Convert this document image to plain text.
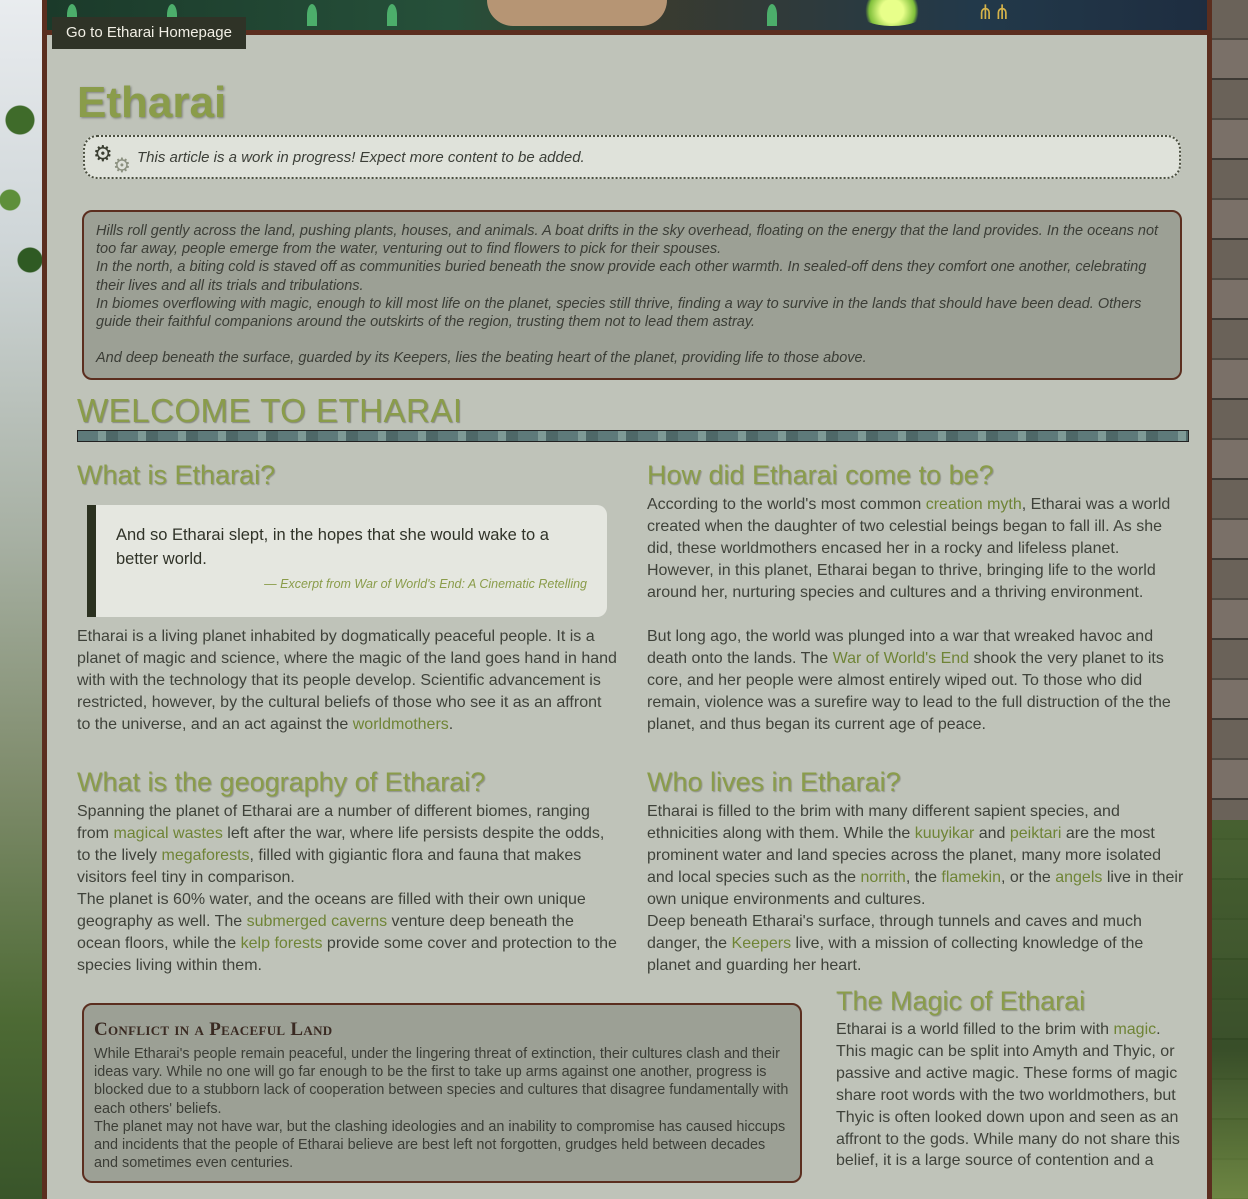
⋔⋔
Go to Etharai Homepage
Etharai
⚙ ⚙ This article is a work in progress! Expect more content to be added.

Hills roll gently across the land, pushing plants, houses, and animals. A boat drifts in the sky overhead, floating on the energy that the land provides. In the oceans not too far away, people emerge from the water, venturing out to find flowers to pick for their spouses.

In the north, a biting cold is staved off as communities buried beneath the snow provide each other warmth. In sealed-off dens they comfort one another, celebrating their lives and all its trials and tribulations.

In biomes overflowing with magic, enough to kill most life on the planet, species still thrive, finding a way to survive in the lands that should have been dead. Others guide their faithful companions around the outskirts of the region, trusting them not to lead them astray.

And deep beneath the surface, guarded by its Keepers, lies the beating heart of the planet, providing life to those above.

WELCOME TO ETHARAI
What is Etharai?

And so Etharai slept, in the hopes that she would wake to a better world.

— Excerpt from War of World's End: A Cinematic Retelling

Etharai is a living planet inhabited by dogmatically peaceful people. It is a planet of magic and science, where the magic of the land goes hand in hand with with the technology that its people develop. Scientific advancement is restricted, however, by the cultural beliefs of those who see it as an affront to the universe, and an act against the worldmothers.

How did Etharai come to be?

According to the world's most common creation myth, Etharai was a world created when the daughter of two celestial beings began to fall ill. As she did, these worldmothers encased her in a rocky and lifeless planet. However, in this planet, Etharai began to thrive, bringing life to the world around her, nurturing species and cultures and a thriving environment.

But long ago, the world was plunged into a war that wreaked havoc and death onto the lands. The War of World's End shook the very planet to its core, and her people were almost entirely wiped out. To those who did remain, violence was a surefire way to lead to the full distruction of the the planet, and thus began its current age of peace.

What is the geography of Etharai?

Spanning the planet of Etharai are a number of different biomes, ranging from magical wastes left after the war, where life persists despite the odds, to the lively megaforests, filled with gigiantic flora and fauna that makes visitors feel tiny in comparison.

The planet is 60% water, and the oceans are filled with their own unique geography as well. The submerged caverns venture deep beneath the ocean floors, while the kelp forests provide some cover and protection to the species living within them.

Who lives in Etharai?

Etharai is filled to the brim with many different sapient species, and ethnicities along with them. While the kuuyikar and peiktari are the most prominent water and land species across the planet, many more isolated and local species such as the norrith, the flamekin, or the angels live in their own unique environments and cultures.

Deep beneath Etharai's surface, through tunnels and caves and much danger, the Keepers live, with a mission of collecting knowledge of the planet and guarding her heart.

Conflict in a Peaceful Land

While Etharai's people remain peaceful, under the lingering threat of extinction, their cultures clash and their ideas vary. While no one will go far enough to be the first to take up arms against one another, progress is blocked due to a stubborn lack of cooperation between species and cultures that disagree fundamentally with each others' beliefs.

The planet may not have war, but the clashing ideologies and an inability to compromise has caused hiccups and incidents that the people of Etharai believe are best left not forgotten, grudges held between decades and sometimes even centuries.

The Magic of Etharai

Etharai is a world filled to the brim with magic. This magic can be split into Amyth and Thyic, or passive and active magic. These forms of magic share root words with the two worldmothers, but Thyic is often looked down upon and seen as an affront to the gods. While many do not share this belief, it is a large source of contention and a
